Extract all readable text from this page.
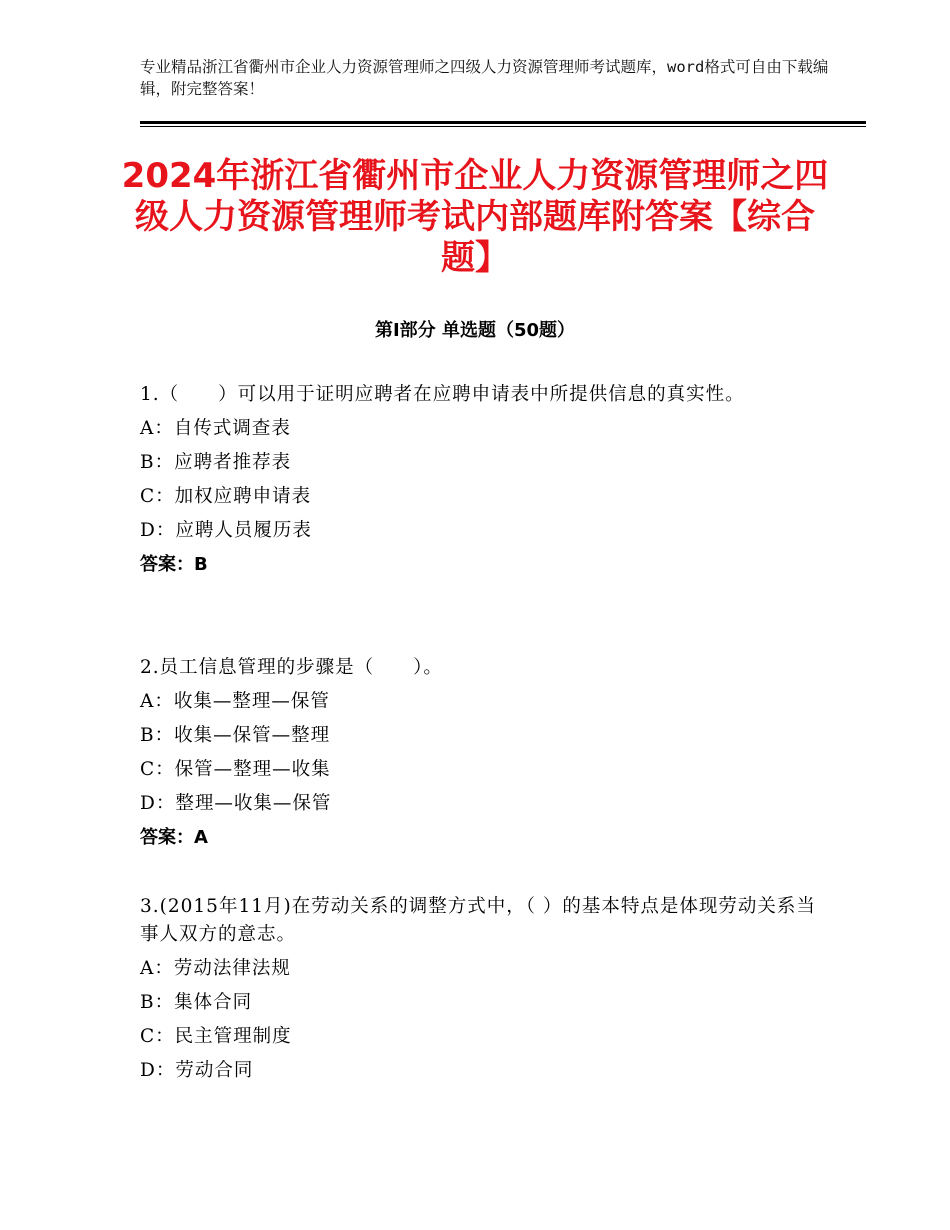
专业精品浙江省衢州市企业人力资源管理师之四级人力资源管理师考试题库，word格式可自由下载编辑，附完整答案！
2024年浙江省衢州市企业人力资源管理师之四级人力资源管理师考试内部题库附答案【综合题】
第Ⅰ部分 单选题（50题）

1.（　　）可以用于证明应聘者在应聘申请表中所提供信息的真实性。

A：自传式调查表

B：应聘者推荐表

C：加权应聘申请表

D：应聘人员履历表

答案：B

2.员工信息管理的步骤是（　　）。

A：收集—整理—保管

B：收集—保管—整理

C：保管—整理—收集

D：整理—收集—保管

答案：A

3.(2015年11月)在劳动关系的调整方式中，（ ）的基本特点是体现劳动关系当事人双方的意志。

A：劳动法律法规

B：集体合同

C：民主管理制度

D：劳动合同
